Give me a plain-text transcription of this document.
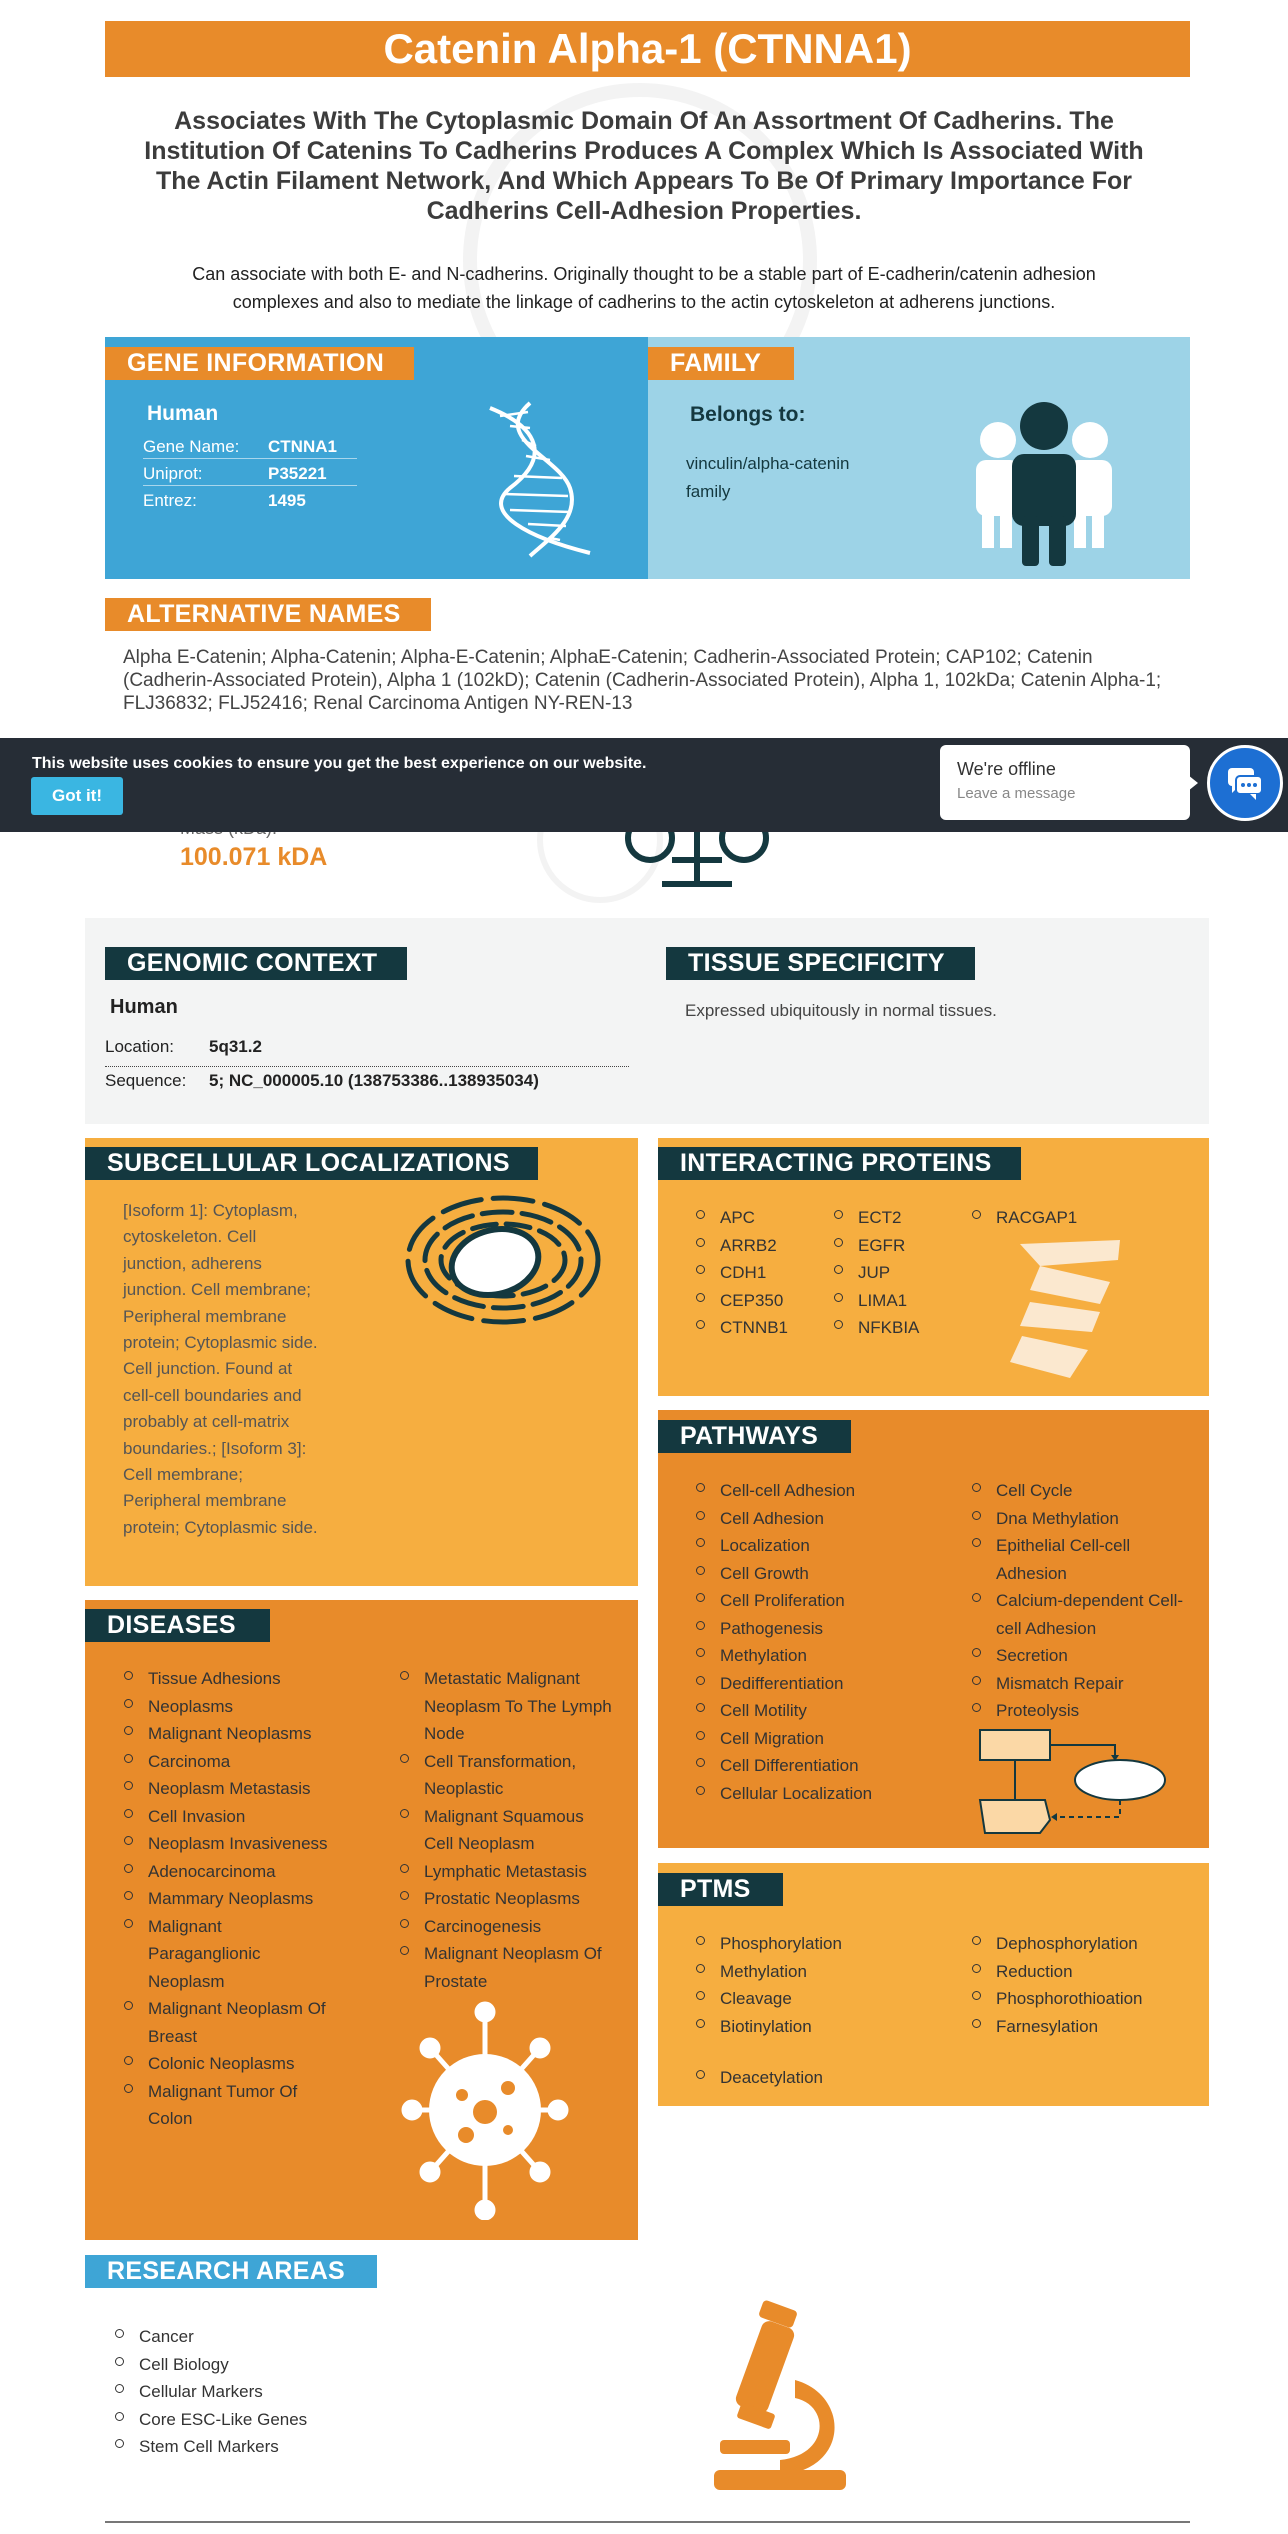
Catenin Alpha-1 (CTNNA1)
Associates With The Cytoplasmic Domain Of An Assortment Of Cadherins. The Institution Of Catenins To Cadherins Produces A Complex Which Is Associated With The Actin Filament Network, And Which Appears To Be Of Primary Importance For Cadherins Cell-Adhesion Properties.
Can associate with both E- and N-cadherins. Originally thought to be a stable part of E-cadherin/catenin adhesion complexes and also to mediate the linkage of cadherins to the actin cytoskeleton at adherens junctions.
GENE INFORMATION
Human
Gene Name: CTNNA1
Uniprot:	P35221
Entrez:	1495
FAMILY
Belongs to:
vinculin/alpha-catenin
family
ALTERNATIVE NAMES
Alpha E-Catenin; Alpha-Catenin; Alpha-E-Catenin; AlphaE-Catenin; Cadherin-Associated Protein; CAP102; Catenin (Cadherin-Associated Protein), Alpha 1 (102kD); Catenin (Cadherin-Associated Protein), Alpha 1, 102kDa; Catenin Alpha-1; FLJ36832; FLJ52416; Renal Carcinoma Antigen NY-REN-13
100.071 kDA
This website uses cookies to ensure you get the best experience on our website.
Got it!
We're offline
Leave a message
GENOMIC CONTEXT	TISSUE SPECIFICITY
Human
Location: 5q31.2
Sequence: 5; NC_000005.10 (138753386..138935034)
Expressed ubiquitously in normal tissues.
SUBCELLULAR LOCALIZATIONS
[Isoform 1]: Cytoplasm,
cytoskeleton. Cell
junction, adherens
junction. Cell membrane;
Peripheral membrane
protein; Cytoplasmic side.
Cell junction. Found at
cell-cell boundaries and
probably at cell-matrix
boundaries.; [Isoform 3]:
Cell membrane;
Peripheral membrane
protein; Cytoplasmic side.
INTERACTING PROTEINS
APC
ARRB2
CDH1
CEP350
CTNNB1
ECT2
EGFR
JUP
LIMA1
NFKBIA
RACGAP1
PATHWAYS
Cell-cell Adhesion
Cell Adhesion
Localization
Cell Growth
Cell Proliferation
Pathogenesis
Methylation
Dedifferentiation
Cell Motility
Cell Migration
Cell Differentiation
Cellular Localization
Cell Cycle
Dna Methylation
Epithelial Cell-cell
Adhesion
Calcium-dependent Cell-
cell Adhesion
Secretion
Mismatch Repair
Proteolysis
DISEASES
Tissue Adhesions
Neoplasms
Malignant Neoplasms
Carcinoma
Neoplasm Metastasis
Cell Invasion
Neoplasm Invasiveness
Adenocarcinoma
Mammary Neoplasms
Malignant
Paraganglionic
Neoplasm
Malignant Neoplasm Of
Breast
Colonic Neoplasms
Malignant Tumor Of
Colon
Metastatic Malignant
Neoplasm To The Lymph
Node
Cell Transformation,
Neoplastic
Malignant Squamous
Cell Neoplasm
Lymphatic Metastasis
Prostatic Neoplasms
Carcinogenesis
Malignant Neoplasm Of
Prostate
PTMS
Phosphorylation
Methylation
Cleavage
Biotinylation
Dephosphorylation
Reduction
Phosphorothioation
Farnesylation
Deacetylation
RESEARCH AREAS
Cancer
Cell Biology
Cellular Markers
Core ESC-Like Genes
Stem Cell Markers
